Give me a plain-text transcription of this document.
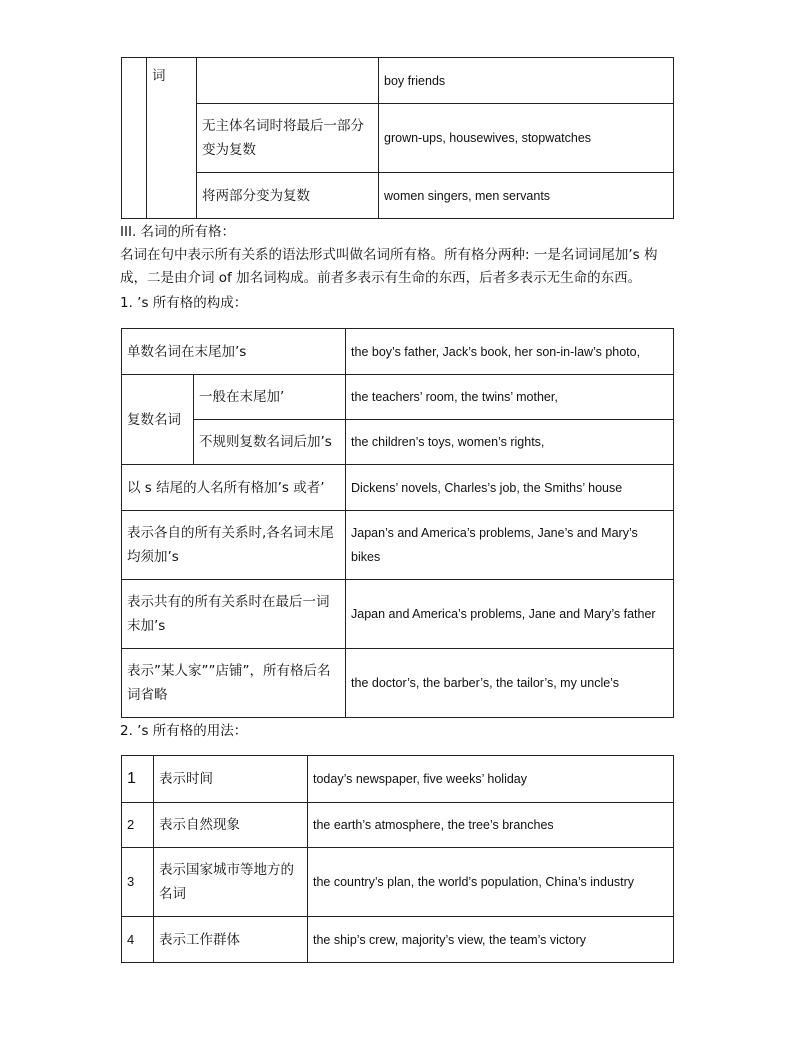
	词		boy friends
		无主体名词时将最后一部分变为复数	grown-ups, housewives, stopwatches
		将两部分变为复数	women singers, men servants
III. 名词的所有格：
名词在句中表示所有关系的语法形式叫做名词所有格。所有格分两种: 一是名词词尾加’s 构成，二是由介词 of 加名词构成。前者多表示有生命的东西，后者多表示无生命的东西。
1. ’s 所有格的构成：
单数名词在末尾加’s		the boy’s father, Jack’s book, her son-in-law’s photo,
复数名词	一般在末尾加’	the teachers’ room, the twins’ mother,
	不规则复数名词后加’s	the children’s toys, women’s rights,
以 s 结尾的人名所有格加’s 或者’		Dickens’ novels, Charles’s job, the Smiths’ house
表示各自的所有关系时,各名词末尾均须加’s		Japan’s and America’s problems, Jane’s and Mary’s bikes
表示共有的所有关系时在最后一词末加’s		Japan and America’s problems, Jane and Mary’s father
表示”某人家””店铺”，所有格后名词省略		the doctor’s, the barber’s, the tailor’s, my uncle’s
2. ’s 所有格的用法：
1	表示时间	today’s newspaper, five weeks’ holiday
2	表示自然现象	the earth’s atmosphere, the tree’s branches
3	表示国家城市等地方的名词	the country’s plan, the world’s population, China’s industry
4	表示工作群体	the ship’s crew, majority’s view, the team’s victory
